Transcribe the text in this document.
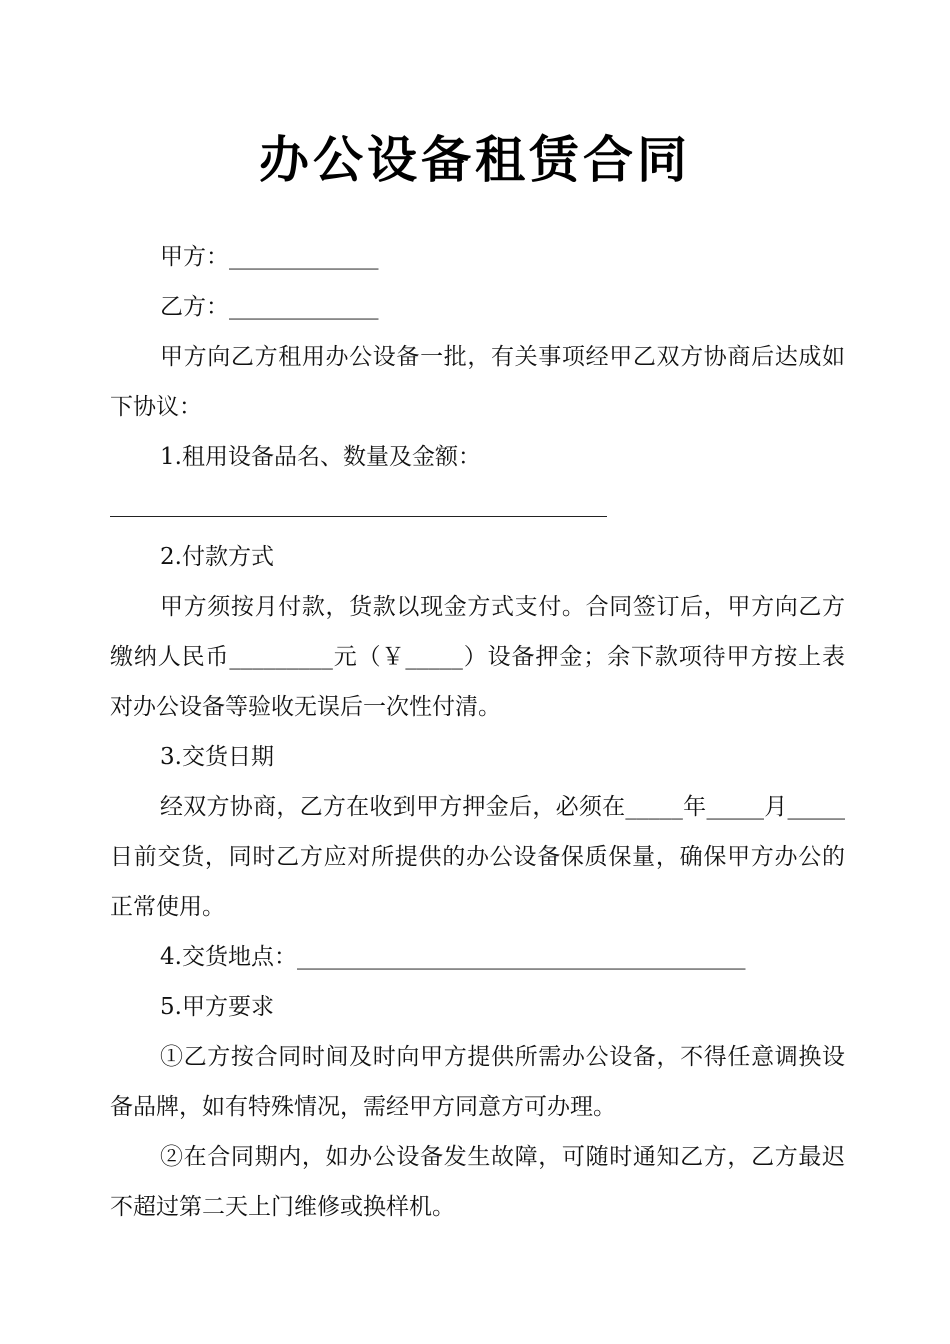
办公设备租赁合同

甲方：_____________

乙方：_____________

甲方向乙方租用办公设备一批，有关事项经甲乙双方协商后达成如下协议：

1.租用设备品名、数量及金额：

2.付款方式

甲方须按月付款，货款以现金方式支付。合同签订后，甲方向乙方缴纳人民币_________元（￥_____）设备押金；余下款项待甲方按上表对办公设备等验收无误后一次性付清。

3.交货日期

经双方协商，乙方在收到甲方押金后，必须在_____年_____月_____日前交货，同时乙方应对所提供的办公设备保质保量，确保甲方办公的正常使用。

4.交货地点：_______________________________________

5.甲方要求

①乙方按合同时间及时向甲方提供所需办公设备，不得任意调换设备品牌，如有特殊情况，需经甲方同意方可办理。

②在合同期内，如办公设备发生故障，可随时通知乙方，乙方最迟不超过第二天上门维修或换样机。
